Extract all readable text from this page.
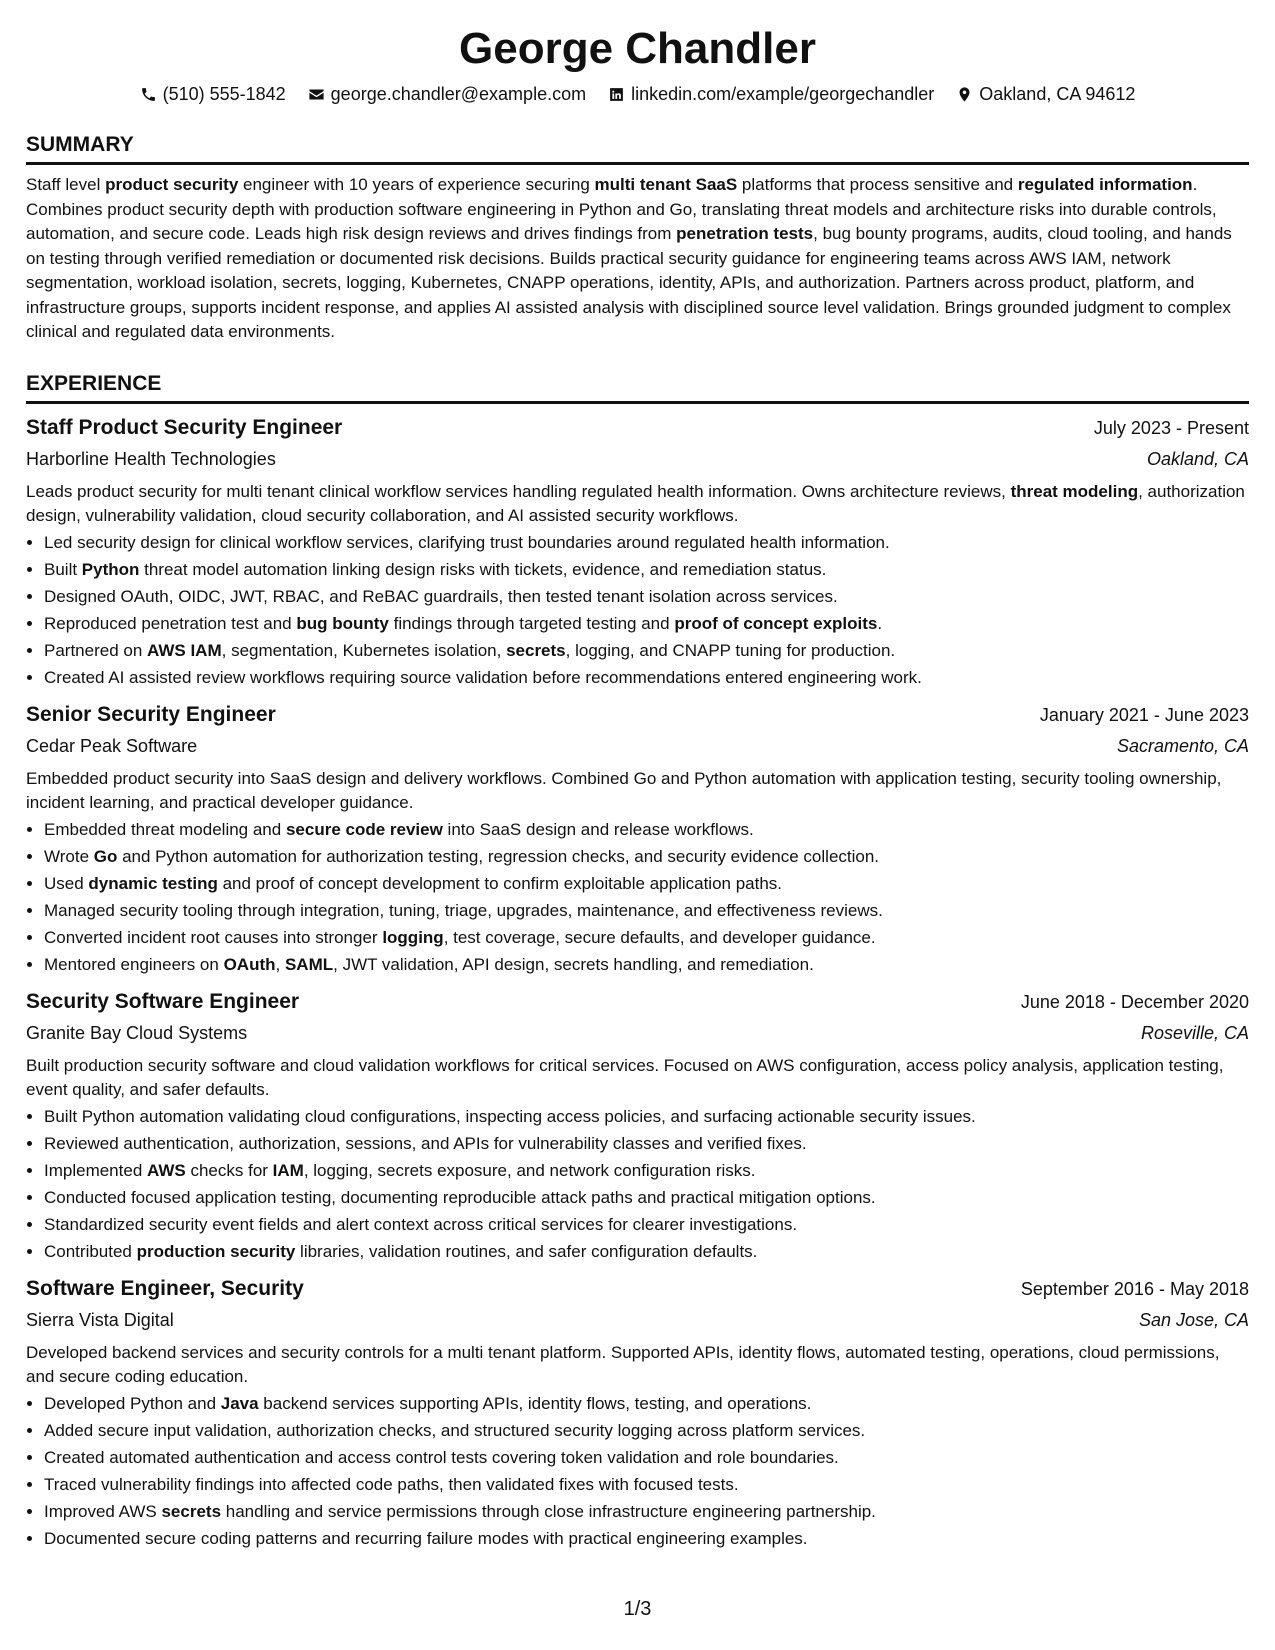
George Chandler
(510) 555-1842	george.chandler@example.com	linkedin.com/example/georgechandler	Oakland, CA 94612
SUMMARY
Staff level product security engineer with 10 years of experience securing multi tenant SaaS platforms that process sensitive and regulated information. Combines product security depth with production software engineering in Python and Go, translating threat models and architecture risks into durable controls, automation, and secure code. Leads high risk design reviews and drives findings from penetration tests, bug bounty programs, audits, cloud tooling, and hands on testing through verified remediation or documented risk decisions. Builds practical security guidance for engineering teams across AWS IAM, network segmentation, workload isolation, secrets, logging, Kubernetes, CNAPP operations, identity, APIs, and authorization. Partners across product, platform, and infrastructure groups, supports incident response, and applies AI assisted analysis with disciplined source level validation. Brings grounded judgment to complex clinical and regulated data environments.
EXPERIENCE
Staff Product Security Engineer	July 2023 - Present
Harborline Health Technologies	Oakland, CA
Leads product security for multi tenant clinical workflow services handling regulated health information. Owns architecture reviews, threat modeling, authorization design, vulnerability validation, cloud security collaboration, and AI assisted security workflows.
• Led security design for clinical workflow services, clarifying trust boundaries around regulated health information.
• Built Python threat model automation linking design risks with tickets, evidence, and remediation status.
• Designed OAuth, OIDC, JWT, RBAC, and ReBAC guardrails, then tested tenant isolation across services.
• Reproduced penetration test and bug bounty findings through targeted testing and proof of concept exploits.
• Partnered on AWS IAM, segmentation, Kubernetes isolation, secrets, logging, and CNAPP tuning for production.
• Created AI assisted review workflows requiring source validation before recommendations entered engineering work.
Senior Security Engineer	January 2021 - June 2023
Cedar Peak Software	Sacramento, CA
Embedded product security into SaaS design and delivery workflows. Combined Go and Python automation with application testing, security tooling ownership, incident learning, and practical developer guidance.
• Embedded threat modeling and secure code review into SaaS design and release workflows.
• Wrote Go and Python automation for authorization testing, regression checks, and security evidence collection.
• Used dynamic testing and proof of concept development to confirm exploitable application paths.
• Managed security tooling through integration, tuning, triage, upgrades, maintenance, and effectiveness reviews.
• Converted incident root causes into stronger logging, test coverage, secure defaults, and developer guidance.
• Mentored engineers on OAuth, SAML, JWT validation, API design, secrets handling, and remediation.
Security Software Engineer	June 2018 - December 2020
Granite Bay Cloud Systems	Roseville, CA
Built production security software and cloud validation workflows for critical services. Focused on AWS configuration, access policy analysis, application testing, event quality, and safer defaults.
• Built Python automation validating cloud configurations, inspecting access policies, and surfacing actionable security issues.
• Reviewed authentication, authorization, sessions, and APIs for vulnerability classes and verified fixes.
• Implemented AWS checks for IAM, logging, secrets exposure, and network configuration risks.
• Conducted focused application testing, documenting reproducible attack paths and practical mitigation options.
• Standardized security event fields and alert context across critical services for clearer investigations.
• Contributed production security libraries, validation routines, and safer configuration defaults.
Software Engineer, Security	September 2016 - May 2018
Sierra Vista Digital	San Jose, CA
Developed backend services and security controls for a multi tenant platform. Supported APIs, identity flows, automated testing, operations, cloud permissions, and secure coding education.
• Developed Python and Java backend services supporting APIs, identity flows, testing, and operations.
• Added secure input validation, authorization checks, and structured security logging across platform services.
• Created automated authentication and access control tests covering token validation and role boundaries.
• Traced vulnerability findings into affected code paths, then validated fixes with focused tests.
• Improved AWS secrets handling and service permissions through close infrastructure engineering partnership.
• Documented secure coding patterns and recurring failure modes with practical engineering examples.
1/3
